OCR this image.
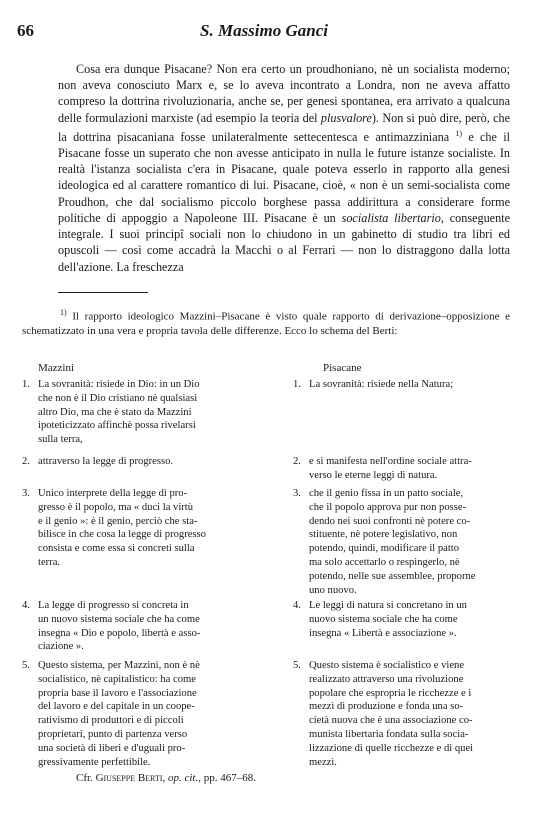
66	S. Massimo Ganci

Cosa era dunque Pisacane? Non era certo un proudhoniano, nè un socialista moderno; non aveva conosciuto Marx e, se lo aveva incontrato a Londra, non ne aveva affatto compreso la dottrina rivoluzionaria, anche se, per genesi spontanea, era arrivato a qualcuna delle formulazioni marxiste (ad esempio la teoria del plusvalore). Non si può dire, però, che la dottrina pisacaniana fosse unilateralmente settecentesca e antimazziniana $^{1)}$ e che il Pisacane fosse un superato che non avesse anticipato in nulla le future istanze socialiste. In realtà l'istanza socialista c'era in Pisacane, quale poteva esserlo in rapporto alla genesi ideologica ed al carattere romantico di lui. Pisacane, cioè, « non è un semi-socialista come Proudhon, che dal socialismo piccolo borghese passa addirittura a considerare forme politiche di appoggio a Napoleone III. Pisacane è un socialista libertario, conseguente integrale. I suoi principî sociali non lo chiudono in un gabinetto di studio tra libri ed opuscoli — così come accadrà la Macchi o al Ferrari — non lo distraggono dalla lotta dell'azione. La freschezza

$^{1)}$ Il rapporto ideologico Mazzini–Pisacane è visto quale rapporto di derivazione–opposizione e schematizzato in una vera e propria tavola delle differenze. Ecco lo schema del Berti:

Mazzini	Pisacane
1. La sovranità: risiede in Dio: in un Dio
che non è il Dio cristiano nè qualsiasi
altro Dio, ma che è stato da Mazzini
ipoteticizzato affinchè possa rivelarsi
sulla terra,
2. attraverso la legge di progresso.
3. Unico interprete della legge di pro-
gresso è il popolo, ma « duci la virtù
e il genio »: è il genio, perciò che sta-
bilisce in che cosa la legge di progresso
consista e come essa si concreti sulla
terra.
4. La legge di progresso si concreta in
un nuovo sistema sociale che ha come
insegna « Dio e popolo, libertà e asso-
ciazione ».
5. Questo sistema, per Mazzini, non è nè
socialistico, nè capitalistico: ha come
propria base il lavoro e l'associazione
del lavoro e del capitale in un coope-
rativismo di produttori e di piccoli
proprietari, punto di partenza verso
una società di liberi e d'uguali pro-
gressivamente perfettibile.
1. La sovranità: risiede nella Natura;
2. e si manifesta nell'ordine sociale attra-
verso le eterne leggi di natura.
3. che il genio fissa in un patto sociale,
che il popolo approva pur non posse-
dendo nei suoi confronti nè potere co-
stituente, nè potere legislativo, non
potendo, quindi, modificare il patto
ma solo accettarlo o respingerlo, nè
potendo, nelle sue assemblee, proporne
uno nuovo.
4. Le leggi di natura si concretano in un
nuovo sistema sociale che ha come
insegna « Libertà e associazione ».
5. Questo sistema è socialistico e viene
realizzato attraverso una rivoluzione
popolare che espropria le ricchezze e i
mezzi di produzione e fonda una so-
cietà nuova che è una associazione co-
munista libertaria fondata sulla socia-
lizzazione di quelle ricchezze e di quei
mezzi.
Cfr. Giuseppe Berti, op. cit., pp. 467–68.
